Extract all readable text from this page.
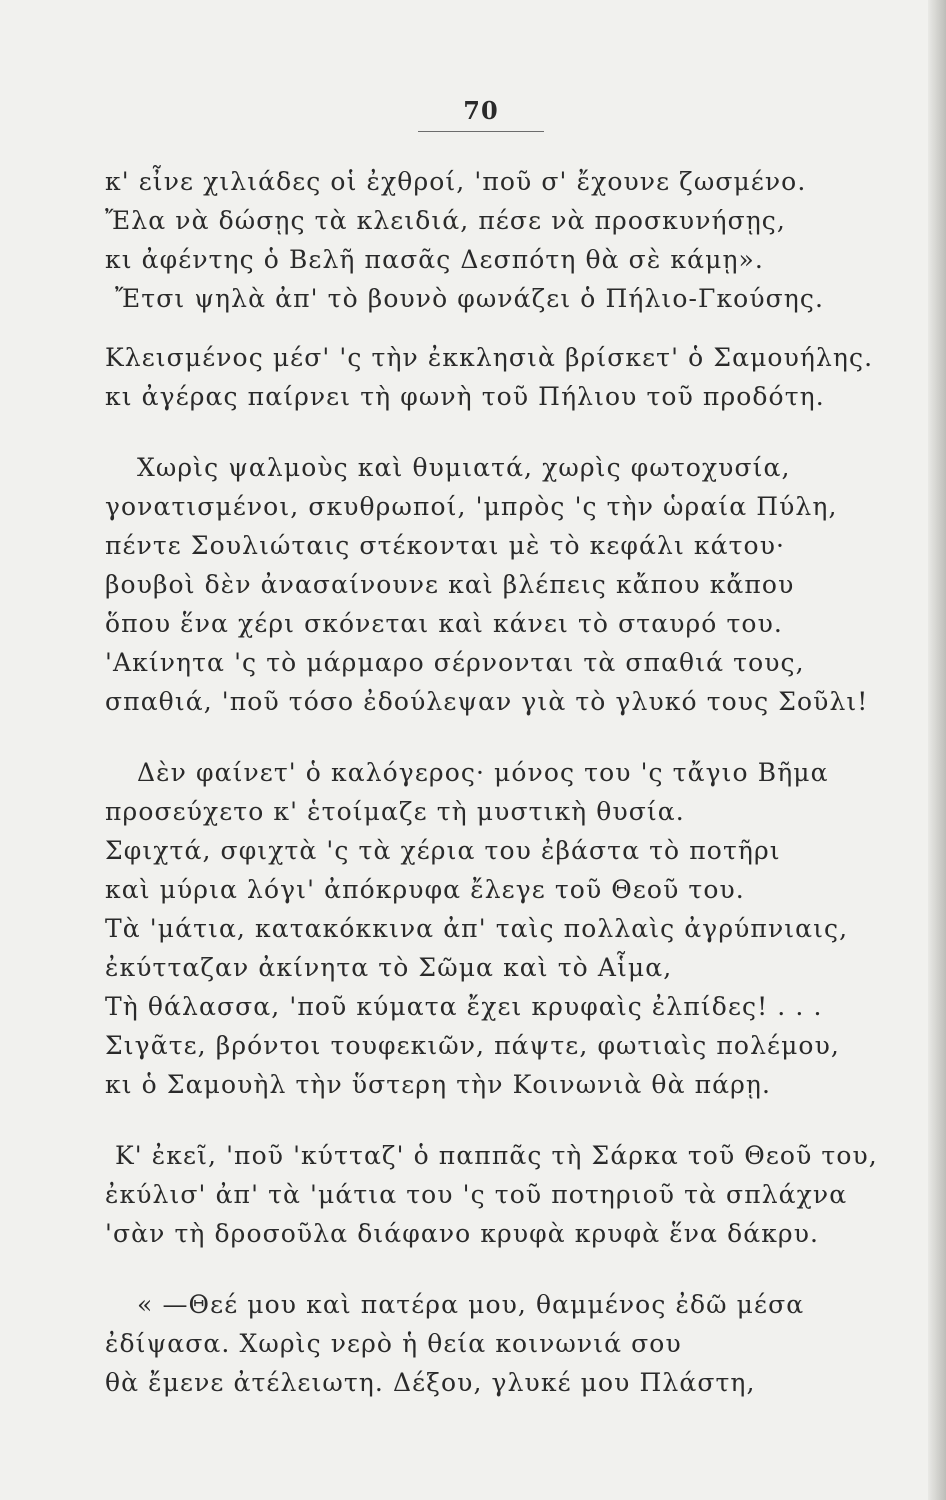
70
κ' εἶνε χιλιάδες οἱ ἐχθροί, 'ποῦ σ' ἔχουνε ζωσμένο.
Ἔλα νὰ δώσῃς τὰ κλειδιά, πέσε νὰ προσκυνήσῃς,
κι ἀφέντης ὁ Βελῆ πασᾶς Δεσπότη θὰ σὲ κάμῃ».
Ἔτσι ψηλὰ ἀπ' τὸ βουνὸ φωνάζει ὁ Πήλιο-Γκούσης.
Κλεισμένος μέσ' 'ς τὴν ἐκκλησιὰ βρίσκετ' ὁ Σαμουήλης.
κι ἀγέρας παίρνει τὴ φωνὴ τοῦ Πήλιου τοῦ προδότη.
Χωρὶς ψαλμοὺς καὶ θυμιατά, χωρὶς φωτοχυσία,
γονατισμένοι, σκυθρωποί, 'μπρὸς 'ς τὴν ὡραία Πύλη,
πέντε Σουλιώταις στέκονται μὲ τὸ κεφάλι κάτου·
βουβοὶ δὲν ἀνασαίνουνε καὶ βλέπεις κἄπου κἄπου
ὅπου ἕνα χέρι σκόνεται καὶ κάνει τὸ σταυρό του.
'Ακίνητα 'ς τὸ μάρμαρο σέρνονται τὰ σπαθιά τους,
σπαθιά, 'ποῦ τόσο ἐδούλεψαν γιὰ τὸ γλυκό τους Σοῦλι!
Δὲν φαίνετ' ὁ καλόγερος· μόνος του 'ς τἄγιο Βῆμα
προσεύχετο κ' ἑτοίμαζε τὴ μυστικὴ θυσία.
Σφιχτά, σφιχτὰ 'ς τὰ χέρια του ἐβάστα τὸ ποτῆρι
καὶ μύρια λόγι' ἀπόκρυφα ἔλεγε τοῦ Θεοῦ του.
Τὰ 'μάτια, κατακόκκινα ἀπ' ταὶς πολλαὶς ἀγρύπνιαις,
ἐκύτταζαν ἀκίνητα τὸ Σῶμα καὶ τὸ Αἷμα,
Τὴ θάλασσα, 'ποῦ κύματα ἔχει κρυφαὶς ἐλπίδες! . . .
Σιγᾶτε, βρόντοι τουφεκιῶν, πάψτε, φωτιαὶς πολέμου,
κι ὁ Σαμουὴλ τὴν ὕστερη τὴν Κοινωνιὰ θὰ πάρῃ.
Κ' ἐκεῖ, 'ποῦ 'κύτταζ' ὁ παππᾶς τὴ Σάρκα τοῦ Θεοῦ του,
ἐκύλισ' ἀπ' τὰ 'μάτια του 'ς τοῦ ποτηριοῦ τὰ σπλάχνα
'σὰν τὴ δροσοῦλα διάφανο κρυφὰ κρυφὰ ἕνα δάκρυ.
« —Θεέ μου καὶ πατέρα μου, θαμμένος ἐδῶ μέσα
ἐδίψασα. Χωρὶς νερὸ ἡ θεία κοινωνιά σου
θὰ ἔμενε ἀτέλειωτη. Δέξου, γλυκέ μου Πλάστη,
